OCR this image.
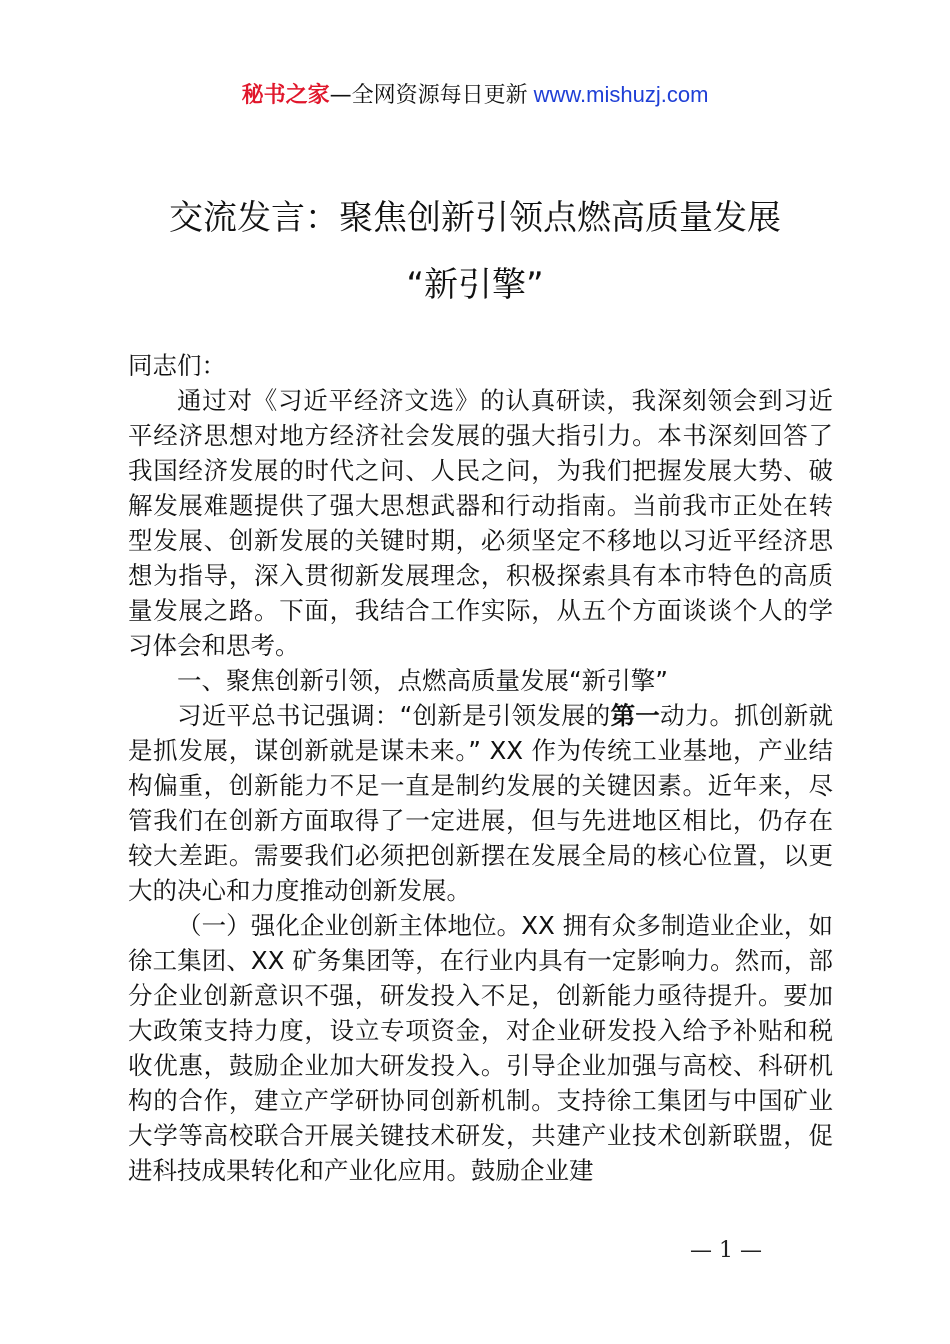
秘书之家—全网资源每日更新 www.mishuzj.com
交流发言：聚焦创新引领点燃高质量发展
“新引擎”

同志们：

通过对《习近平经济文选》的认真研读，我深刻领会到习近平经济思想对地方经济社会发展的强大指引力。本书深刻回答了我国经济发展的时代之问、人民之问，为我们把握发展大势、破解发展难题提供了强大思想武器和行动指南。当前我市正处在转型发展、创新发展的关键时期，必须坚定不移地以习近平经济思想为指导，深入贯彻新发展理念，积极探索具有本市特色的高质量发展之路。下面，我结合工作实际，从五个方面谈谈个人的学习体会和思考。

一、聚焦创新引领，点燃高质量发展“新引擎”

习近平总书记强调：“创新是引领发展的第一动力。抓创新就是抓发展，谋创新就是谋未来。” XX 作为传统工业基地，产业结构偏重，创新能力不足一直是制约发展的关键因素。近年来，尽管我们在创新方面取得了一定进展，但与先进地区相比，仍存在较大差距。需要我们必须把创新摆在发展全局的核心位置，以更大的决心和力度推动创新发展。

（一）强化企业创新主体地位。XX 拥有众多制造业企业，如徐工集团、XX 矿务集团等，在行业内具有一定影响力。然而，部分企业创新意识不强，研发投入不足，创新能力亟待提升。要加大政策支持力度，设立专项资金，对企业研发投入给予补贴和税收优惠，鼓励企业加大研发投入。引导企业加强与高校、科研机构的合作，建立产学研协同创新机制。支持徐工集团与中国矿业大学等高校联合开展关键技术研发，共建产业技术创新联盟，促进科技成果转化和产业化应用。鼓励企业建

— 1 —
